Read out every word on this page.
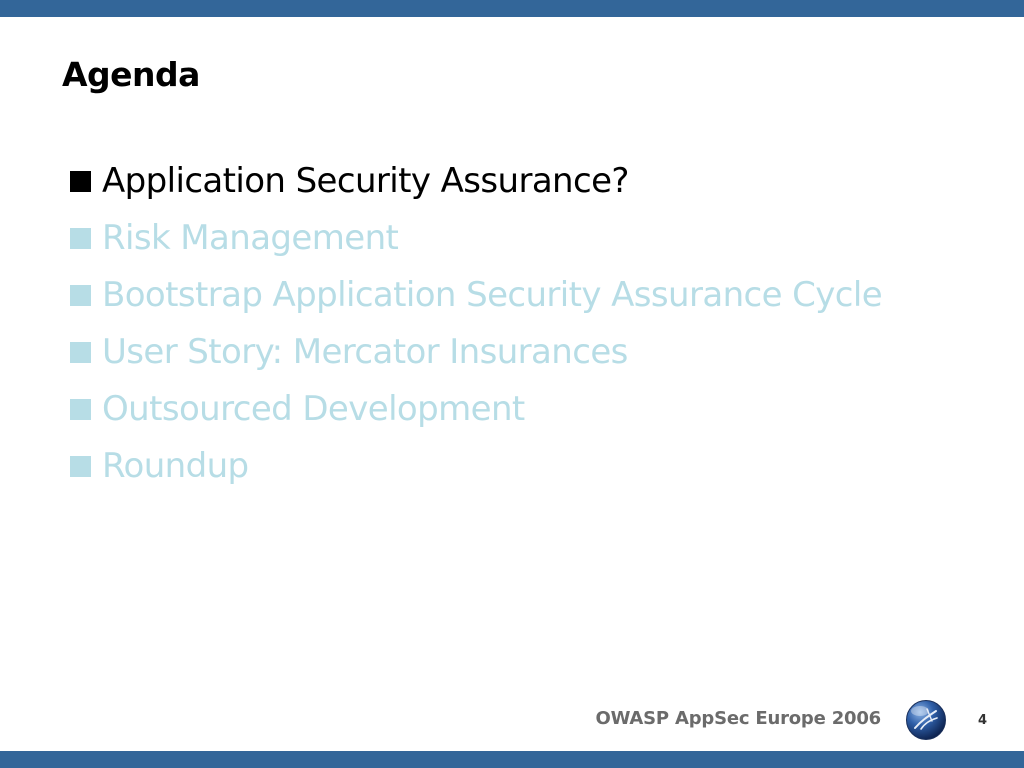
Agenda
Application Security Assurance?
Risk Management
Bootstrap Application Security Assurance Cycle
User Story: Mercator Insurances
Outsourced Development
Roundup
OWASP AppSec Europe 2006	4
